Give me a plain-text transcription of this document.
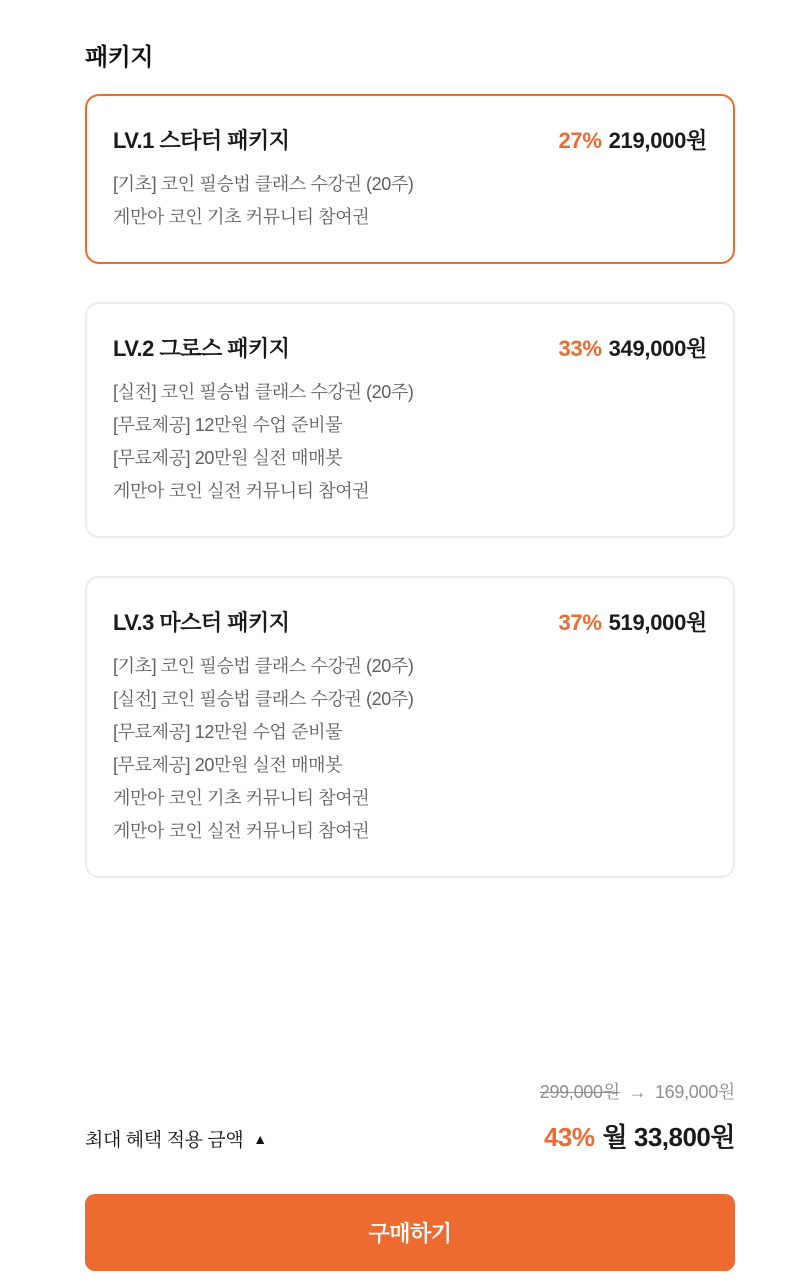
패키지
LV.1 스타터 패키지	27% 219,000원
[기초] 코인 필승법 클래스 수강권 (20주)
게만아 코인 기초 커뮤니티 참여권
LV.2 그로스 패키지	33% 349,000원
[실전] 코인 필승법 클래스 수강권 (20주)
[무료제공] 12만원 수업 준비물
[무료제공] 20만원 실전 매매봇
게만아 코인 실전 커뮤니티 참여권
LV.3 마스터 패키지	37% 519,000원
[기초] 코인 필승법 클래스 수강권 (20주)
[실전] 코인 필승법 클래스 수강권 (20주)
[무료제공] 12만원 수업 준비물
[무료제공] 20만원 실전 매매봇
게만아 코인 기초 커뮤니티 참여권
게만아 코인 실전 커뮤니티 참여권
299,000원 → 169,000원
최대 혜택 적용 금액 ▲	43% 월 33,800원
구매하기
